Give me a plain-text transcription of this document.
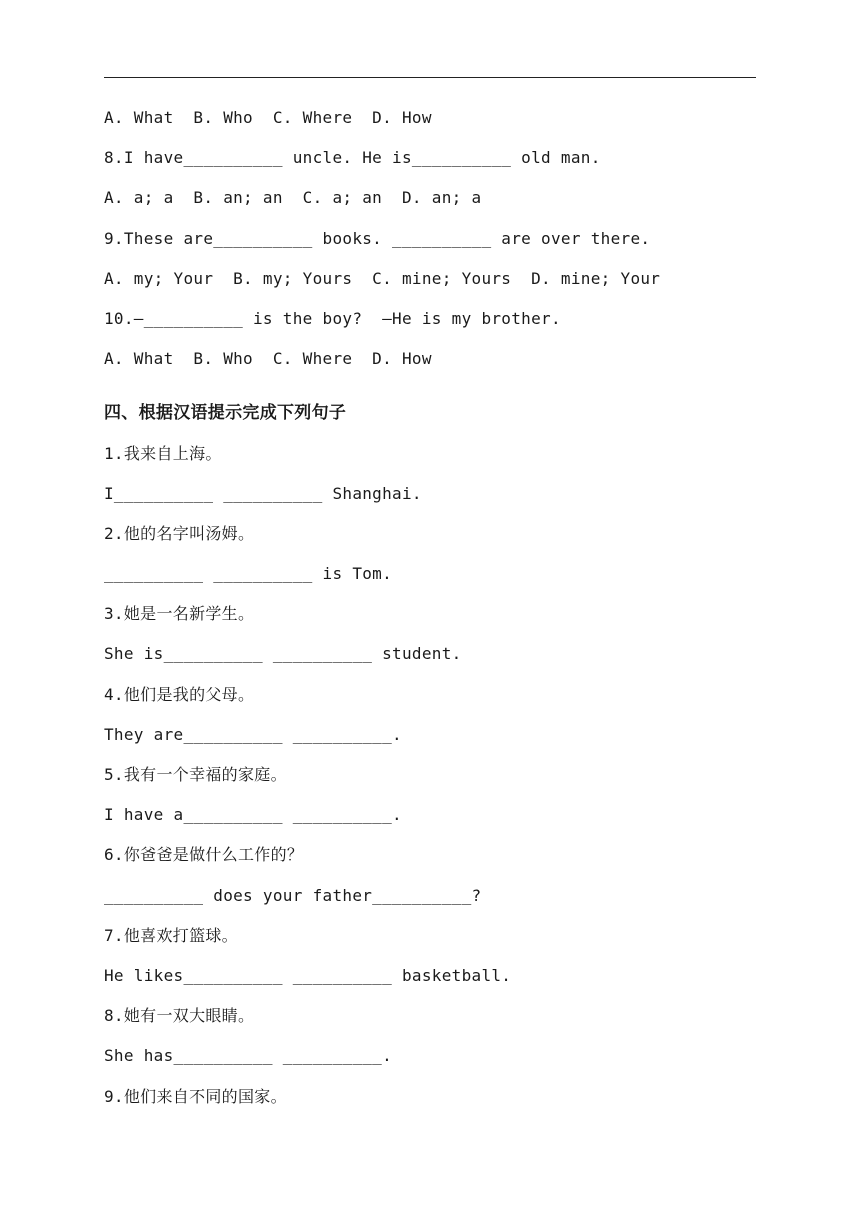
A. What  B. Who  C. Where  D. How
8.I have__________ uncle. He is__________ old man.
A. a; a  B. an; an  C. a; an  D. an; a
9.These are__________ books. __________ are over there.
A. my; Your  B. my; Yours  C. mine; Yours  D. mine; Your
10.—__________ is the boy?  —He is my brother.
A. What  B. Who  C. Where  D. How
四、根据汉语提示完成下列句子
1.我来自上海。
I__________ __________ Shanghai.
2.他的名字叫汤姆。
__________ __________ is Tom.
3.她是一名新学生。
She is__________ __________ student.
4.他们是我的父母。
They are__________ __________.
5.我有一个幸福的家庭。
I have a__________ __________.
6.你爸爸是做什么工作的？
__________ does your father__________?
7.他喜欢打篮球。
He likes__________ __________ basketball.
8.她有一双大眼睛。
She has__________ __________.
9.他们来自不同的国家。
